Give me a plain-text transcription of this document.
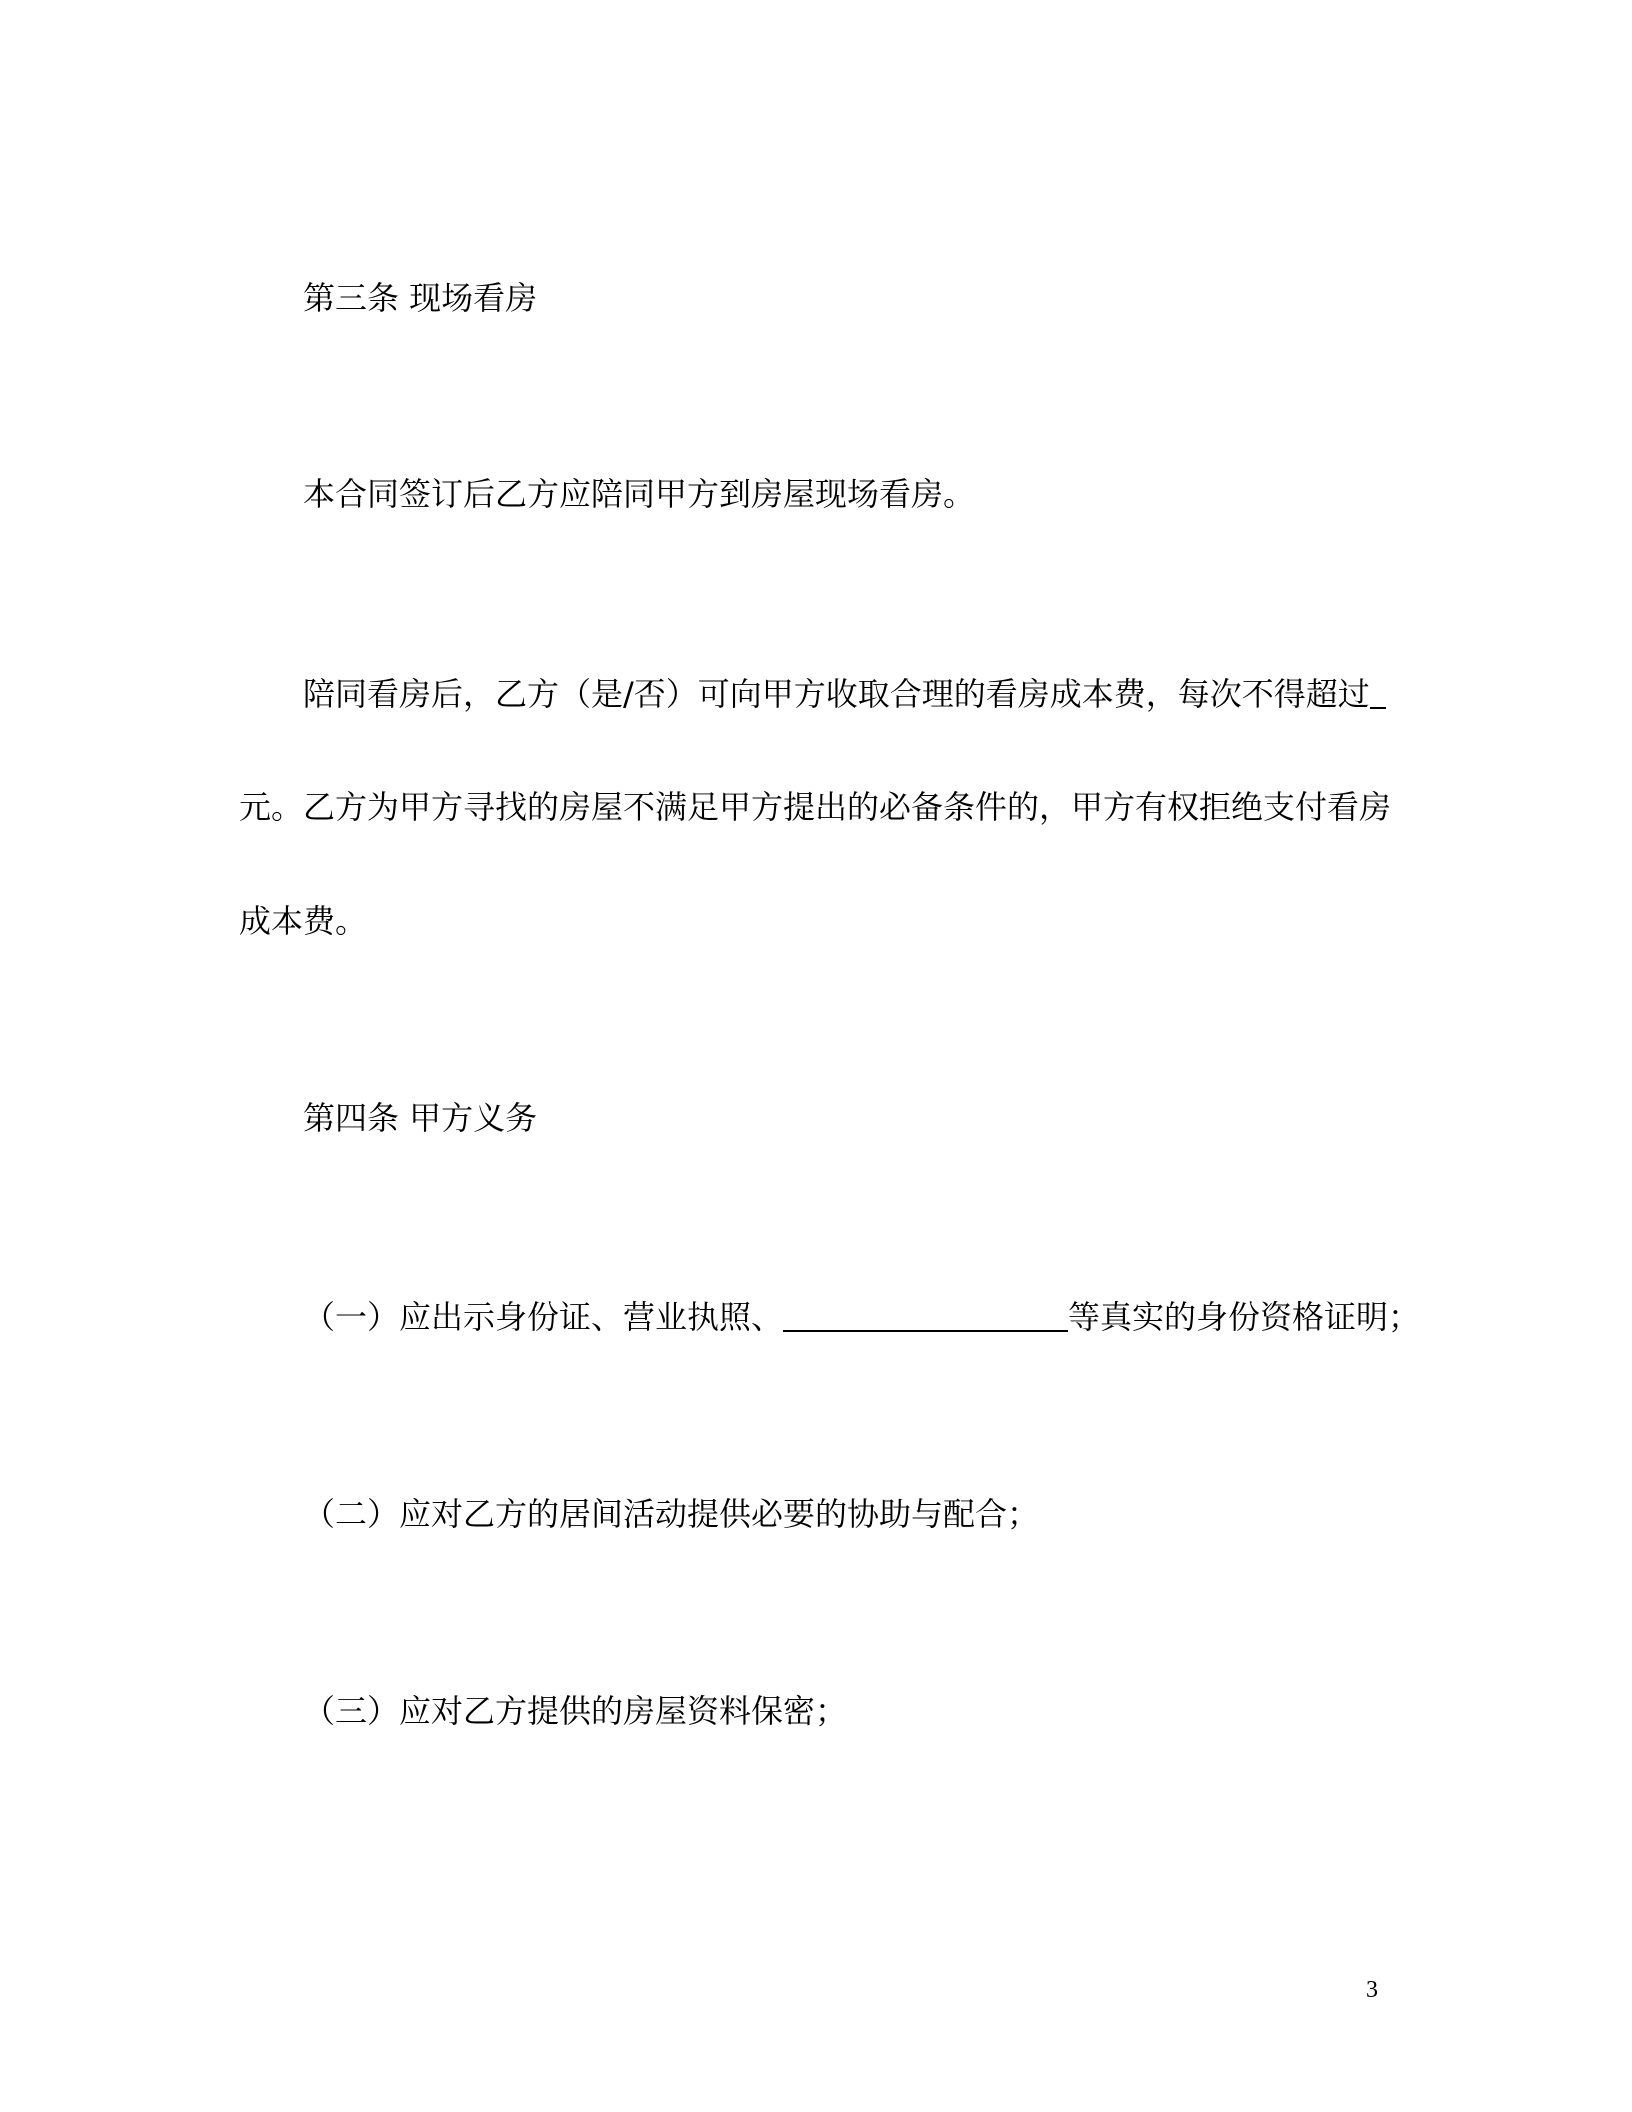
第三条 现场看房
本合同签订后乙方应陪同甲方到房屋现场看房。
陪同看房后，乙方（是/否）可向甲方收取合理的看房成本费，每次不得超过
元。乙方为甲方寻找的房屋不满足甲方提出的必备条件的，甲方有权拒绝支付看房
成本费。
第四条 甲方义务
（一）应出示身份证、营业执照、	等真实的身份资格证明；
（二）应对乙方的居间活动提供必要的协助与配合；
（三）应对乙方提供的房屋资料保密；
3
